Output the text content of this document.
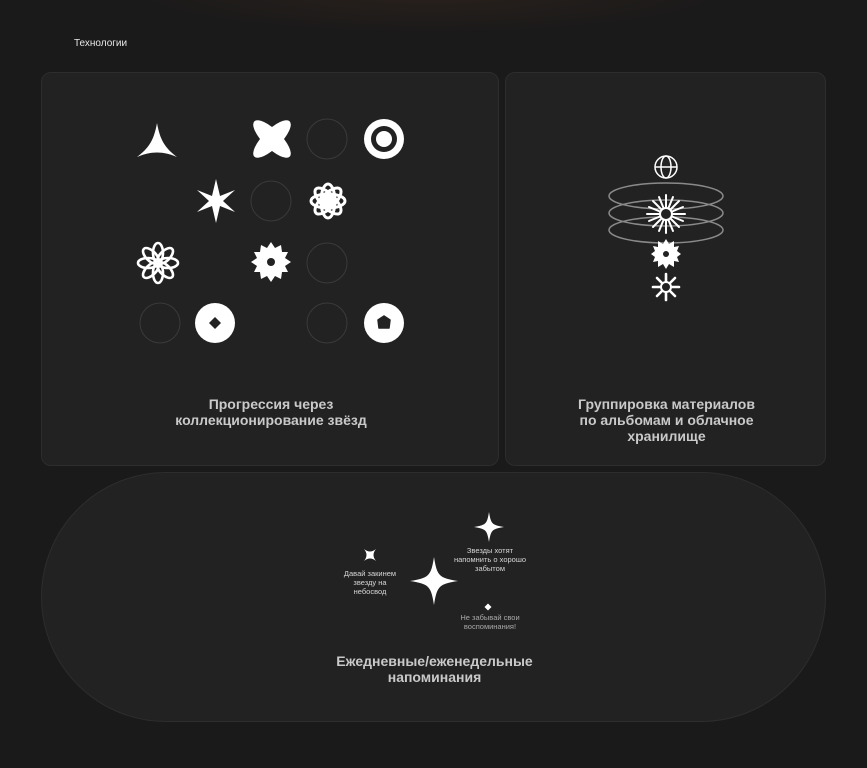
Технологии
Прогрессия через
коллекционирование звёзд
Группировка материалов
по альбомам и облачное
хранилище
Давай закинем
звезду на
небосвод
Звезды хотят
напомнить о хорошо
забытом
Не забывай свои
воспоминания!
Ежедневные/еженедельные
напоминания
